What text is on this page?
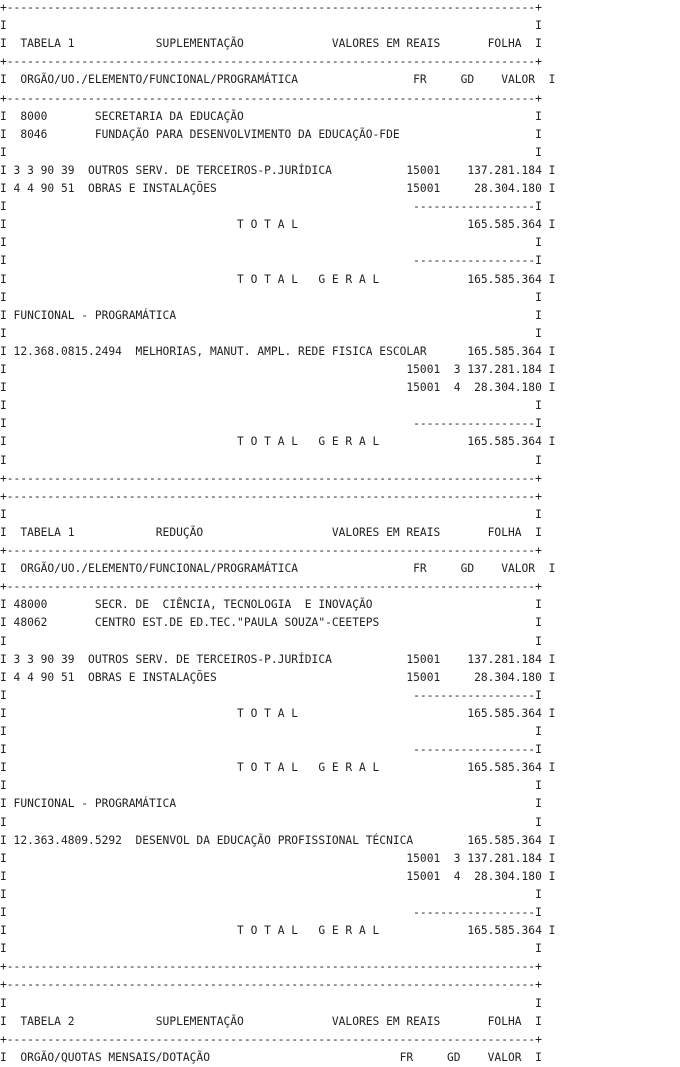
+------------------------------------------------------------------------------+
I                                                                              I
I  TABELA 1            SUPLEMENTAÇÃO             VALORES EM REAIS       FOLHA  I
+------------------------------------------------------------------------------+
I  ORGÃO/UO./ELEMENTO/FUNCIONAL/PROGRAMÁTICA                 FR     GD    VALOR  I
+------------------------------------------------------------------------------+
I  8000       SECRETARIA DA EDUCAÇÃO                                           I
I  8046       FUNDAÇÃO PARA DESENVOLVIMENTO DA EDUCAÇÃO-FDE                    I
I                                                                              I
I 3 3 90 39  OUTROS SERV. DE TERCEIROS-P.JURÍDICA           15001    137.281.184 I
I 4 4 90 51  OBRAS E INSTALAÇÕES                            15001     28.304.180 I
I                                                            ------------------I
I                                  T O T A L                         165.585.364 I
I                                                                              I
I                                                            ------------------I
I                                  T O T A L   G E R A L             165.585.364 I
I                                                                              I
I FUNCIONAL - PROGRAMÁTICA                                                     I
I                                                                              I
I 12.368.0815.2494  MELHORIAS, MANUT. AMPL. REDE FISICA ESCOLAR      165.585.364 I
I                                                           15001  3 137.281.184 I
I                                                           15001  4  28.304.180 I
I                                                                              I
I                                                            ------------------I
I                                  T O T A L   G E R A L             165.585.364 I
I                                                                              I
+------------------------------------------------------------------------------+
+------------------------------------------------------------------------------+
I                                                                              I
I  TABELA 1            REDUÇÃO                   VALORES EM REAIS       FOLHA  I
+------------------------------------------------------------------------------+
I  ORGÃO/UO./ELEMENTO/FUNCIONAL/PROGRAMÁTICA                 FR     GD    VALOR  I
+------------------------------------------------------------------------------+
I 48000       SECR. DE  CIÊNCIA, TECNOLOGIA  E INOVAÇÃO                        I
I 48062       CENTRO EST.DE ED.TEC."PAULA SOUZA"-CEETEPS                       I
I                                                                              I
I 3 3 90 39  OUTROS SERV. DE TERCEIROS-P.JURÍDICA           15001    137.281.184 I
I 4 4 90 51  OBRAS E INSTALAÇÕES                            15001     28.304.180 I
I                                                            ------------------I
I                                  T O T A L                         165.585.364 I
I                                                                              I
I                                                            ------------------I
I                                  T O T A L   G E R A L             165.585.364 I
I                                                                              I
I FUNCIONAL - PROGRAMÁTICA                                                     I
I                                                                              I
I 12.363.4809.5292  DESENVOL DA EDUCAÇÃO PROFISSIONAL TÉCNICA        165.585.364 I
I                                                           15001  3 137.281.184 I
I                                                           15001  4  28.304.180 I
I                                                                              I
I                                                            ------------------I
I                                  T O T A L   G E R A L             165.585.364 I
I                                                                              I
+------------------------------------------------------------------------------+
+------------------------------------------------------------------------------+
I                                                                              I
I  TABELA 2            SUPLEMENTAÇÃO             VALORES EM REAIS       FOLHA  I
+------------------------------------------------------------------------------+
I  ORGÃO/QUOTAS MENSAIS/DOTAÇÃO                            FR     GD    VALOR  I
